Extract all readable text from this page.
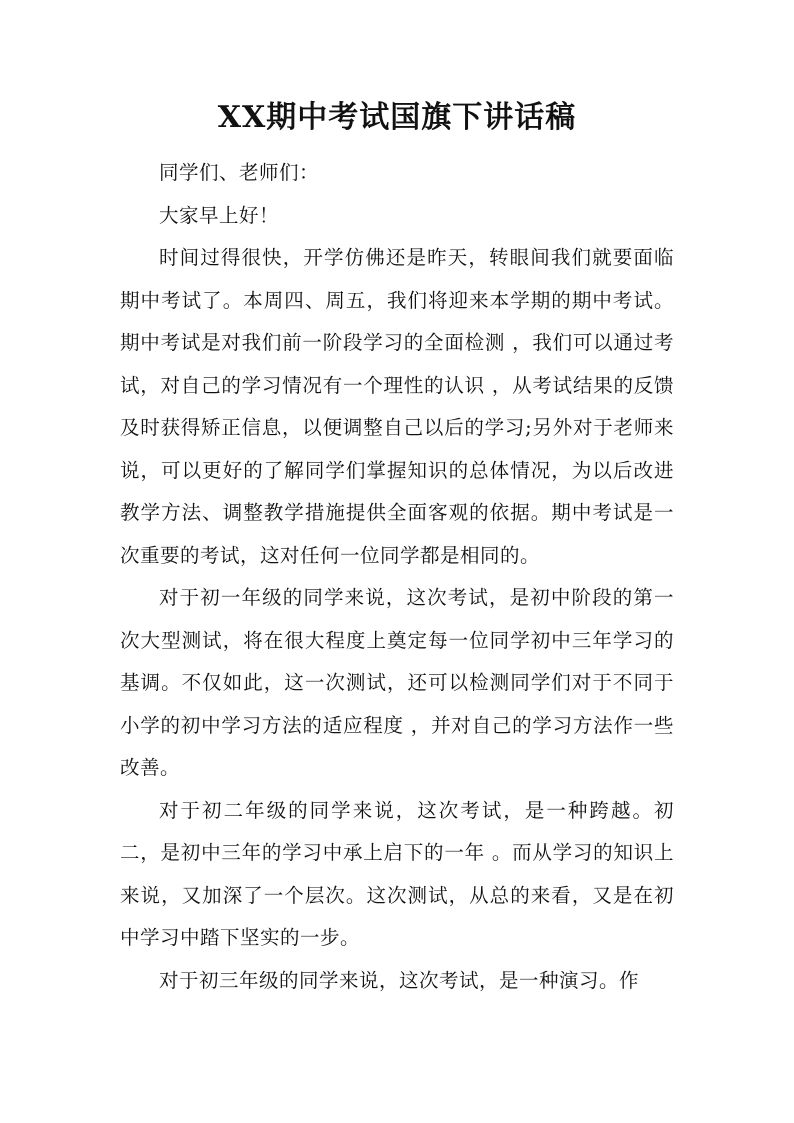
XX期中考试国旗下讲话稿

同学们、老师们：

大家早上好！

时间过得很快，开学仿佛还是昨天，转眼间我们就要面临期中考试了。本周四、周五，我们将迎来本学期的期中考试。期中考试是对我们前一阶段学习的全面检测 ，我们可以通过考试，对自己的学习情况有一个理性的认识 ，从考试结果的反馈及时获得矫正信息，以便调整自己以后的学习;另外对于老师来说，可以更好的了解同学们掌握知识的总体情况，为以后改进教学方法、调整教学措施提供全面客观的依据。期中考试是一次重要的考试，这对任何一位同学都是相同的。

对于初一年级的同学来说，这次考试，是初中阶段的第一次大型测试，将在很大程度上奠定每一位同学初中三年学习的基调。不仅如此，这一次测试，还可以检测同学们对于不同于小学的初中学习方法的适应程度 ，并对自己的学习方法作一些改善。

对于初二年级的同学来说，这次考试，是一种跨越。初二，是初中三年的学习中承上启下的一年 。而从学习的知识上来说，又加深了一个层次。这次测试，从总的来看，又是在初中学习中踏下坚实的一步。

对于初三年级的同学来说，这次考试，是一种演习。作
